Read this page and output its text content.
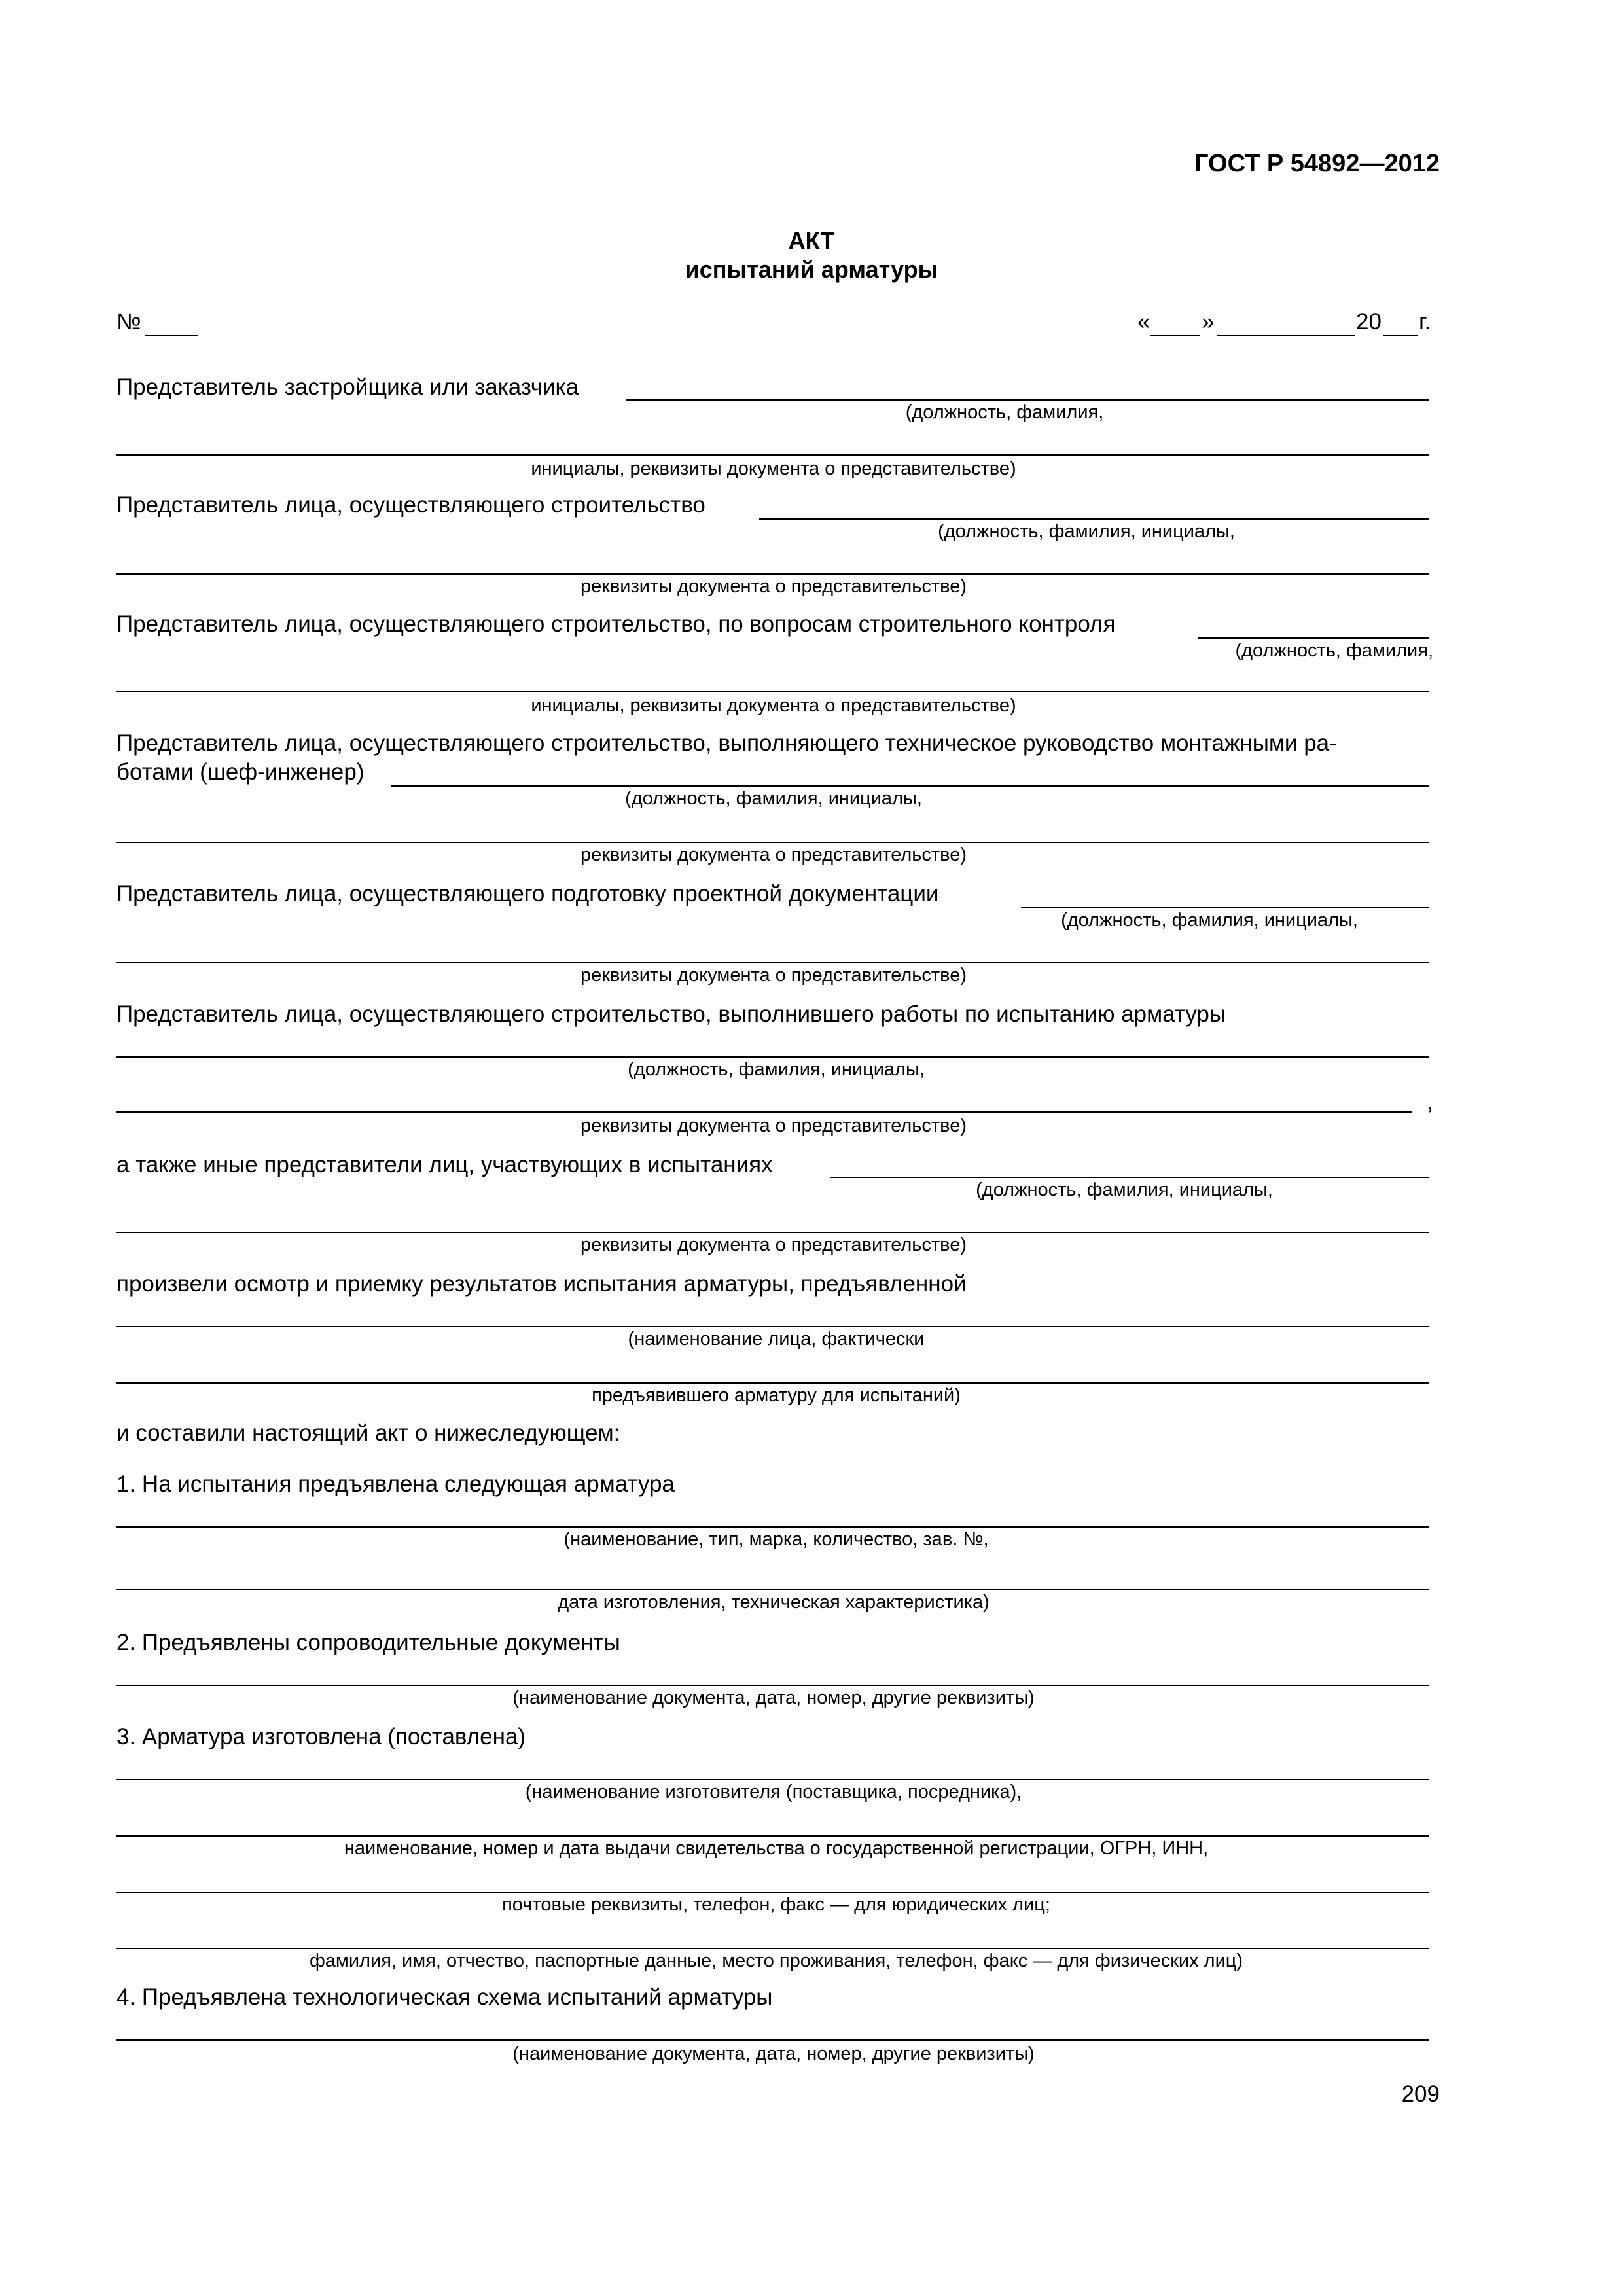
ГОСТ Р 54892—2012
АКТ
испытаний арматуры
№	« »	20 г.
Представитель застройщика или заказчика
(должность, фамилия,
инициалы, реквизиты документа о представительстве)
Представитель лица, осуществляющего строительство
(должность, фамилия, инициалы,
реквизиты документа о представительстве)
Представитель лица, осуществляющего строительство, по вопросам строительного контроля
(должность, фамилия,
инициалы, реквизиты документа о представительстве)
Представитель лица, осуществляющего строительство, выполняющего техническое руководство монтажными ра-
ботами (шеф-инженер)
(должность, фамилия, инициалы,
реквизиты документа о представительстве)
Представитель лица, осуществляющего подготовку проектной документации
(должность, фамилия, инициалы,
реквизиты документа о представительстве)
Представитель лица, осуществляющего строительство, выполнившего работы по испытанию арматуры
(должность, фамилия, инициалы,
,
реквизиты документа о представительстве)
а также иные представители лиц, участвующих в испытаниях
(должность, фамилия, инициалы,
реквизиты документа о представительстве)
произвели осмотр и приемку результатов испытания арматуры, предъявленной
(наименование лица, фактически
предъявившего арматуру для испытаний)
и составили настоящий акт о нижеследующем:
1. На испытания предъявлена следующая арматура
(наименование, тип, марка, количество, зав. №,
дата изготовления, техническая характеристика)
2. Предъявлены сопроводительные документы
(наименование документа, дата, номер, другие реквизиты)
3. Арматура изготовлена (поставлена)
(наименование изготовителя (поставщика, посредника),
наименование, номер и дата выдачи свидетельства о государственной регистрации, ОГРН, ИНН,
почтовые реквизиты, телефон, факс — для юридических лиц;
фамилия, имя, отчество, паспортные данные, место проживания, телефон, факс — для физических лиц)
4. Предъявлена технологическая схема испытаний арматуры
(наименование документа, дата, номер, другие реквизиты)
209
